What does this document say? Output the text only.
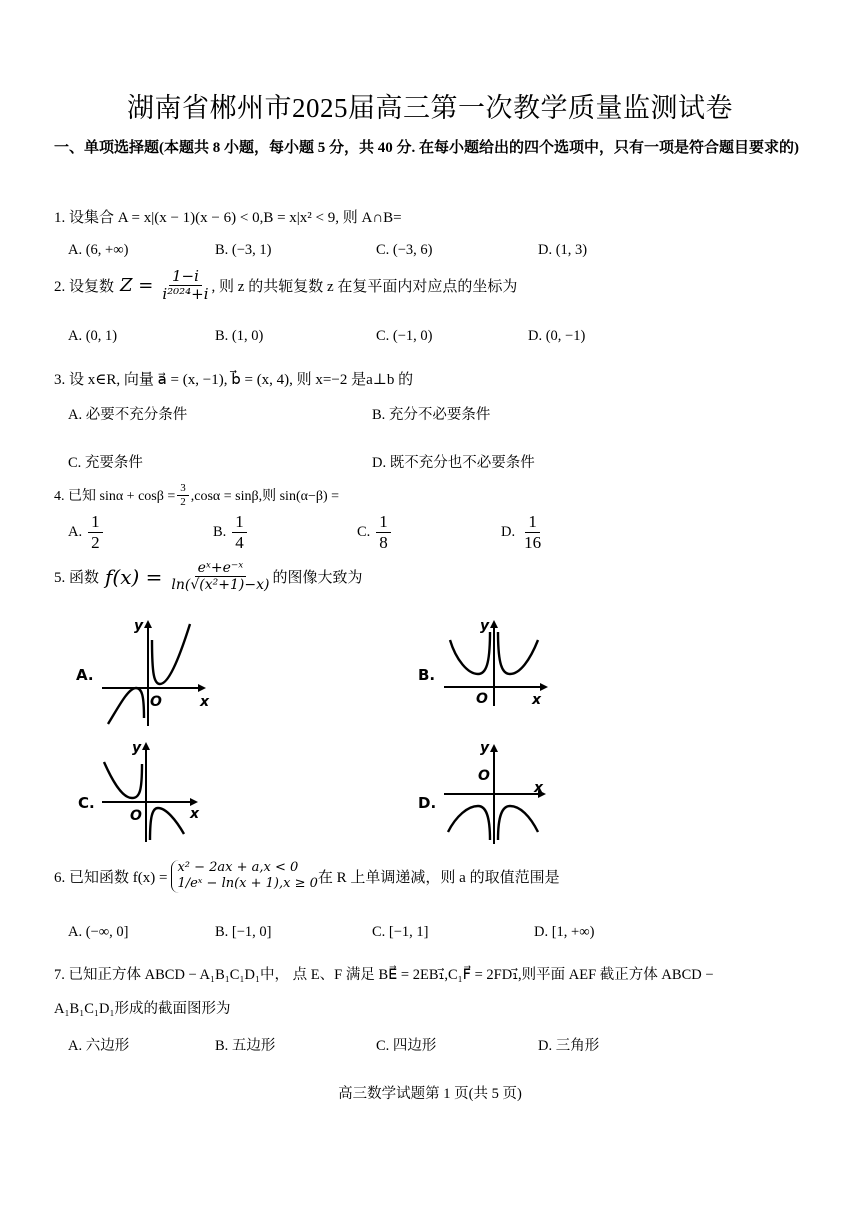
湖南省郴州市2025届高三第一次教学质量监测试卷
一、单项选择题(本题共 8 小题，每小题 5 分，共 40 分. 在每小题给出的四个选项中，只有一项是符合题目要求的)
1. 设集合 A = x|(x − 1)(x − 6) < 0,B = x|x² < 9, 则 A∩B=
A. (6, +∞)	B. (−3, 1)	C. (−3, 6)	D. (1, 3)
2. 设复数 $Z = \frac{1-i}{\text{i²⁰²⁴+i}}$ , 则 z 的共轭复数 z 在复平面内对应点的坐标为
A. (0, 1)	B. (1, 0)	C. (−1, 0)	D. (0, −1)
3. 设 x∈R, 向量 a⃗ = (x, −1), b⃗ = (x, 4), 则 x=−2 是a⊥b 的
A. 必要不充分条件	B. 充分不必要条件
C. 充要条件	D. 既不充分也不必要条件
4. 已知 $\sin\alpha + \cos\beta = \frac{3}{2} ,\cos\alpha = \sin\beta$,则 sin(α−β) =
A. $\frac{1}{2}$	B. $\frac{1}{4}$	C. $\frac{1}{8}$	D. $\frac{1}{16}$
5. 函数 $f(x) = \frac{\text{eˣ+e⁻ˣ}}{\text{ln(√(x²+1)−x)}}$ 的图像大致为
A.
y
x
O
B.
y
x
O
C.
y
x
O
D.
y
x
O
6. 已知函数 f(x) =
x² − 2ax + a,x < 0
1/eˣ − ln(x + 1),x ≥ 0 在 R 上单调递减，则 a 的取值范围是
A. (−∞, 0]	B. [−1, 0]	C. [−1, 1]	D. [1, +∞)
7. 已知正方体 ABCD − A₁B₁C₁D₁中， 点 E、F 满足 BE⃗ = 2EB₁⃗,C₁F⃗ = 2FD₁⃗,则平面 AEF 截正方体 ABCD −
A₁B₁C₁D₁形成的截面图形为
A. 六边形	B. 五边形	C. 四边形	D. 三角形
高三数学试题第 1 页(共 5 页)
